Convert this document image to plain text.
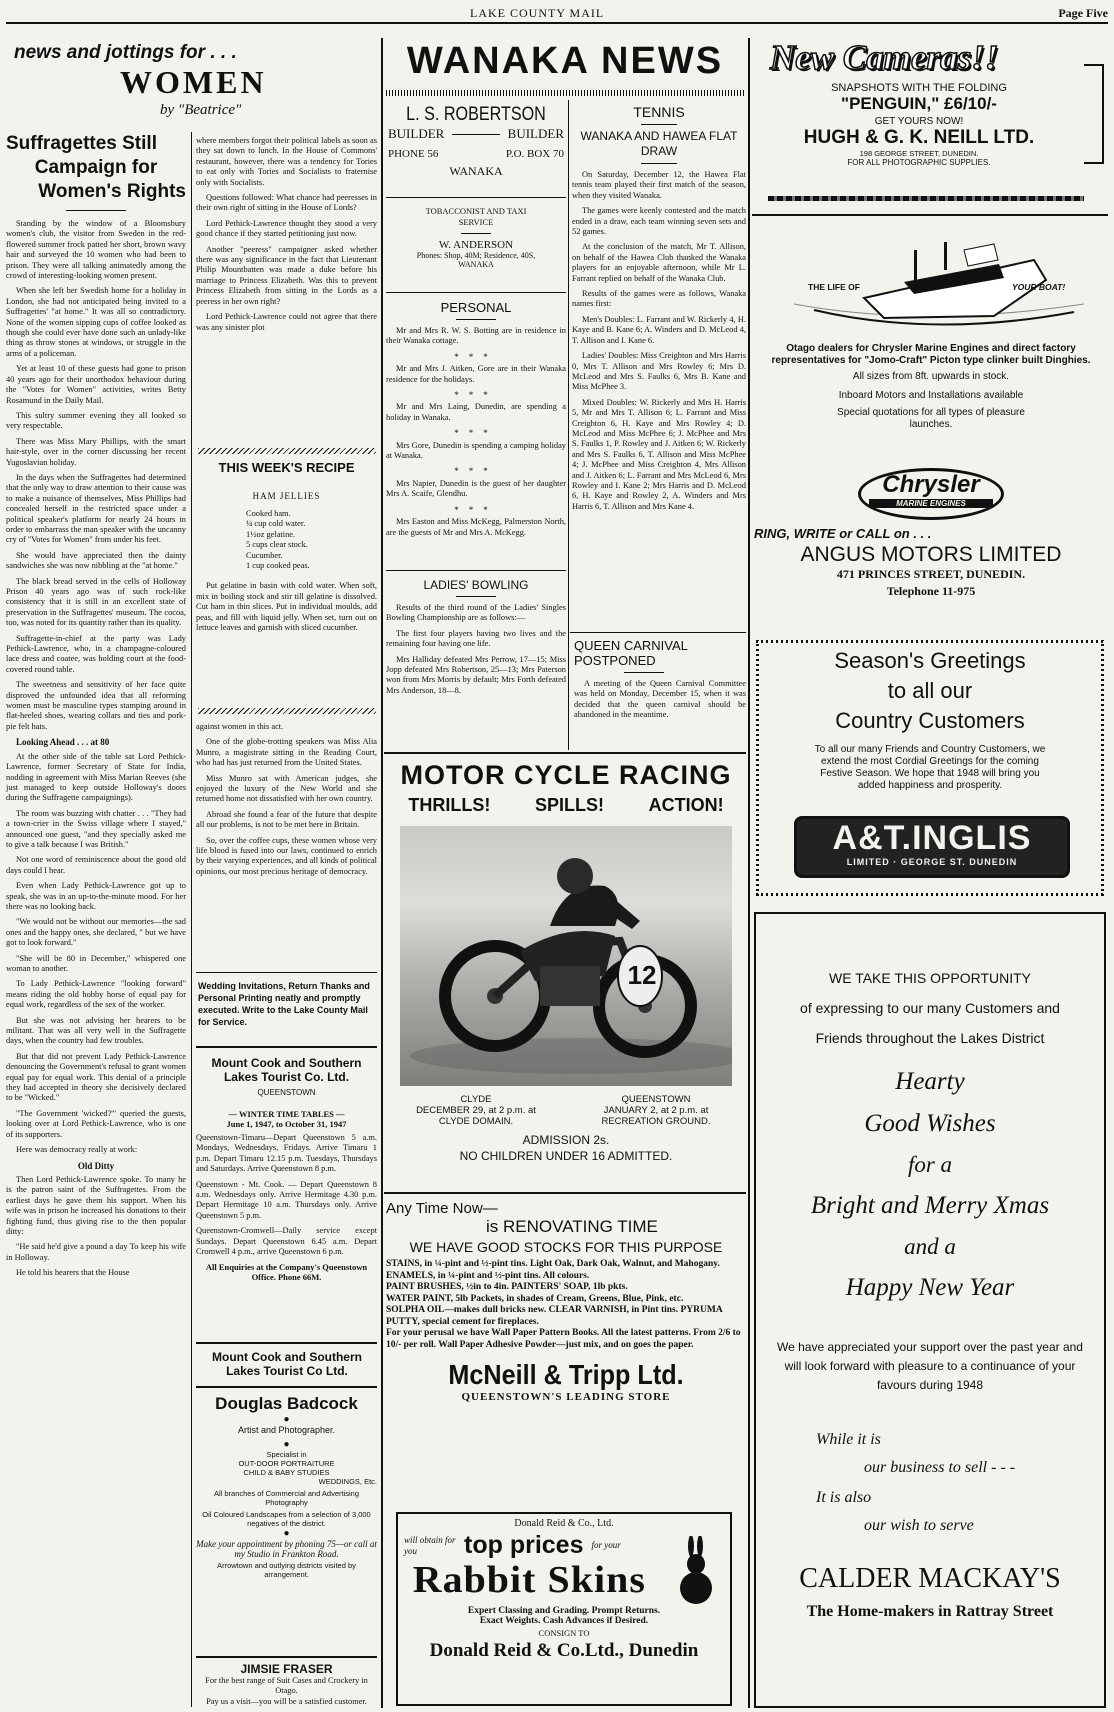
LAKE COUNTY MAIL	Page Five
news and jottings for . . .
WOMEN
by "Beatrice"
Suffragettes Still
Campaign for
Women's Rights

Standing by the window of a Bloomsbury women's club, the visitor from Sweden in the red-flowered summer frock patted her short, brown wavy hair and surveyed the 10 women who had been to prison. They were all talking animatedly among the crowd of interesting-looking women present.

When she left her Swedish home for a holiday in London, she had not anticipated being invited to a Suffragettes' "at home." It was all so contradictory. None of the women sipping cups of coffee looked as though she could ever have done such an unlady-like thing as throw stones at windows, or struggle in the arms of a policeman.

Yet at least 10 of these guests had gone to prison 40 years ago for their unorthodox behaviour during the "Votes for Women" activities, writes Betty Rosamund in the Daily Mail.

This sultry summer evening they all looked so very respectable.

There was Miss Mary Phillips, with the smart hair-style, over in the corner discussing her recent Yugoslavian holiday.

In the days when the Suffragettes had determined that the only way to draw attention to their cause was to make a nuisance of themselves, Miss Phillips had concealed herself in the restricted space under a political speaker's platform for nearly 24 hours in order to embarrass the man speaker with the uncanny cry of "Votes for Women" from under his feet.

She would have appreciated then the dainty sandwiches she was now nibbling at the "at home."

The black bread served in the cells of Holloway Prison 40 years ago was of such rock-like consistency that it is still in an excellent state of preservation in the Suffragettes' museum. The cocoa, too, was noted for its quantity rather than its quality.

Suffragette-in-chief at the party was Lady Pethick-Lawrence, who, in a champagne-coloured lace dress and coatee, was holding court at the food-covered round table.

The sweetness and sensitivity of her face quite disproved the unfounded idea that all reforming women must be masculine types stamping around in flat-heeled shoes, wearing collars and ties and pork-pie felt hats.

Looking Ahead . . . at 80

At the other side of the table sat Lord Pethick-Lawrence, former Secretary of State for India, nodding in agreement with Miss Marian Reeves (she just managed to keep outside Holloway's doors during the Suffragette campaignings).

The room was buzzing with chatter . . . "They had a town-crier in the Swiss village where I stayed," announced one guest, "and they specially asked me to give a talk because I was British."

Not one word of reminiscence about the good old days could I hear.

Even when Lady Pethick-Lawrence got up to speak, she was in an up-to-the-minute mood. For her there was no looking back.

"We would not be without our memories—the sad ones and the happy ones, she declared, " but we have got to look forward."

"She will be 80 in December," whispered one woman to another.

To Lady Pethick-Lawrence "looking forward" means riding the old hobby horse of equal pay for equal work, regardless of the sex of the worker.

But she was not advising her hearers to be militant. That was all very well in the Suffragette days, when the country had few troubles.

But that did not prevent Lady Pethick-Lawrence denouncing the Government's refusal to grant women equal pay for equal work. This denial of a principle they had accepted in theory she decisively declared to be "Wicked."

"The Government 'wicked?'" queried the guests, looking over at Lord Pethick-Lawrence, who is one of its supporters.

Here was democracy really at work:

Old Ditty

Then Lord Pethick-Lawrence spoke. To many he is the patron saint of the Suffragettes. From the earliest days he gave them his support. When his wife was in prison he increased his donations to their fighting fund, thus giving rise to the then popular ditty:

"He said he'd give a pound a day To keep his wife in Holloway.

He told his hearers that the House

where members forgot their political labels as soon as they sat down to lunch. In the House of Commons' restaurant, however, there was a tendency for Tories to eat only with Tories and Socialists to fraternise only with Socialists.

Questions followed: What chance had peeresses in their own right of sitting in the House of Lords?

Lord Pethick-Lawrence thought they stood a very good chance if they started petitioning just now.

Another "peeress" campaigner asked whether there was any significance in the fact that Lieutenant Philip Mountbatten was made a duke before his marriage to Princess Elizabeth. Was this to prevent Princess Elizabeth from sitting in the Lords as a peeress in her own right?

Lord Pethick-Lawrence could not agree that there was any sinister plot

THIS WEEK'S RECIPE
HAM JELLIES
Cooked ham.
¼ cup cold water.
1½oz gelatine.
5 cups clear stock.
Cucumber.
1 cup cooked peas.

Put gelatine in basin with cold water. When soft, mix in boiling stock and stir till gelatine is dissolved. Cut ham in thin slices. Put in individual moulds, add peas, and fill with liquid jelly. When set, turn out on lettuce leaves and garnish with sliced cucumber.

against women in this act.

One of the globe-trotting speakers was Miss Alia Munro, a magistrate sitting in the Reading Court, who had has just returned from the United States.

Miss Munro sat with American judges, she enjoyed the luxury of the New World and she returned home not dissatisfied with her own country.

Abroad she found a fear of the future that despite all our problems, is not to be met here in Britain.

So, over the coffee cups, these women whose very life blood is fused into our laws, continued to enrich by their varying experiences, and all kinds of political opinions, our most precious heritage of democracy.

Wedding Invitations, Return Thanks and Personal Printing neatly and promptly executed. Write to the Lake County Mail for Service.
Mount Cook and Southern Lakes Tourist Co. Ltd.
QUEENSTOWN
— WINTER TIME TABLES —
June 1, 1947, to October 31, 1947

Queenstown-Timaru—Depart Queenstown 5 a.m. Mondays, Wednesdays, Fridays. Arrive Timaru 1 p.m. Depart Timaru 12.15 p.m. Tuesdays, Thursdays and Saturdays. Arrive Queenstown 8 p.m.

Queenstown - Mt. Cook. — Depart Queenstown 8 a.m. Wednesdays only. Arrive Hermitage 4.30 p.m. Depart Hermitage 10 a.m. Thursdays only. Arrive Queenstown 5 p.m.

Queenstown-Cromwell—Daily service except Sundays. Depart Queenstown 6.45 a.m. Depart Cromwell 4 p.m., arrive Queenstown 6 p.m.

All Enquiries at the Company's Queenstown Office. Phone 66M.
Mount Cook and Southern Lakes Tourist Co Ltd.
Douglas Badcock
●
Artist and Photographer.
●
Specialist in
OUT-DOOR PORTRAITURE
CHILD & BABY STUDIES
WEDDINGS, Etc.
All branches of Commercial and Advertising Photography
Oil Coloured Landscapes from a selection of 3,000 negatives of the district.
●
Make your appointment by phoning 75—or call at my Studio in Frankton Road.
Arrowtown and outlying districts visited by arrangement.
JIMSIE FRASER
For the best range of Suit Cases and Crockery in Otago.
Pay us a visit—you will be a satisfied customer.
WANAKA NEWS
L. S. ROBERTSON
BUILDER	BUILDER
PHONE 56	P.O. BOX 70
WANAKA
TOBACCONIST AND TAXI SERVICE
W. ANDERSON
Phones: Shop, 40M; Residence, 40S,
WANAKA
PERSONAL

Mr and Mrs R. W. S. Botting are in residence in their Wanaka cottage.

***

Mr and Mrs J. Aitken, Gore are in their Wanaka residence for the holidays.

***

Mr and Mrs Laing, Dunedin, are spending a holiday in Wanaka.

***

Mrs Gore, Dunedin is spending a camping holiday at Wanaka.

***

Mrs Napier, Dunedin is the guest of her daughter Mrs A. Scaife, Glendhu.

***

Mrs Easton and Miss McKegg, Palmerston North, are the guests of Mr and Mrs A. McKegg.

LADIES' BOWLING

Results of the third round of the Ladies' Singles Bowling Championship are as follows:—

The first four players having two lives and the remaining four having one life.

Mrs Halliday defeated Mrs Perrow, 17—15; Miss Jopp defeated Mrs Robertson, 25—13; Mrs Paterson won from Mrs Morris by default; Mrs Forth defeated Mrs Anderson, 18—8.

TENNIS
WANAKA AND HAWEA FLAT DRAW

On Saturday, December 12, the Hawea Flat tennis team played their first match of the season, when they visited Wanaka.

The games were keenly contested and the match ended in a draw, each team winning seven sets and 52 games.

At the conclusion of the match, Mr T. Allison, on behalf of the Hawea Club thanked the Wanaka players for an enjoyable afternoon, while Mr L. Farrant replied on behalf of the Wanaka Club.

Results of the games were as follows, Wanaka names first:

Men's Doubles: L. Farrant and W. Rickerly 4, H. Kaye and B. Kane 6; A. Winders and D. McLeod 4, T. Allison and I. Kane 6.

Ladies' Doubles: Miss Creighton and Mrs Harris 0, Mrs T. Allison and Mrs Rowley 6; Mrs D. McLeod and Mrs S. Faulks 6, Mrs B. Kane and Miss McPhee 3.

Mixed Doubles: W. Rickerly and Mrs H. Harris 5, Mr and Mrs T. Allison 6; L. Farrant and Miss Creighton 6, H. Kaye and Mrs Rowley 4; D. McLeod and Miss McPhee 6; J. McPhee and Mrs S. Faulks 1, P. Rowley and J. Aitken 6; W. Rickerly and Mrs S. Faulks 6, T. Allison and Miss McPhee 4; J. McPhee and Miss Creighton 4, Mrs Allison and J. Aitken 6; L. Farrant and Mrs McLeod 6, Mrs Rowley and I. Kane 2; Mrs Harris and D. McLeod 6, H. Kaye and Rowley 2, A. Winders and Mrs Harris 6, T. Allison and Mrs Kane 4.

QUEEN CARNIVAL POSTPONED

A meeting of the Queen Carnival Committee was held on Monday, December 15, when it was decided that the queen carnival should be abandoned in the meantime.

MOTOR CYCLE RACING
THRILLS! SPILLS! ACTION!
12
CLYDE
DECEMBER 29, at 2 p.m. at
CLYDE DOMAIN.
QUEENSTOWN
JANUARY 2, at 2 p.m. at
RECREATION GROUND.
ADMISSION 2s.
NO CHILDREN UNDER 16 ADMITTED.
Any Time Now—
is RENOVATING TIME
WE HAVE GOOD STOCKS FOR THIS PURPOSE
STAINS, in ¼-pint and ½-pint tins. Light Oak, Dark Oak, Walnut, and Mahogany.
ENAMELS, in ¼-pint and ½-pint tins. All colours.
PAINT BRUSHES, ½in to 4in. PAINTERS' SOAP, 1lb pkts.
WATER PAINT, 5lb Packets, in shades of Cream, Greens, Blue, Pink, etc.
SOLPHA OIL—makes dull bricks new. CLEAR VARNISH, in Pint tins. PYRUMA PUTTY, special cement for fireplaces.
For your perusal we have Wall Paper Pattern Books. All the latest patterns. From 2/6 to 10/- per roll. Wall Paper Adhesive Powder—just mix, and on goes the paper.
McNeill & Tripp Ltd.
QUEENSTOWN'S LEADING STORE
Donald Reid & Co., Ltd.
will obtain for you	top prices for your
Rabbit Skins
Expert Classing and Grading. Prompt Returns.
Exact Weights. Cash Advances if Desired.
CONSIGN TO
Donald Reid & Co.Ltd., Dunedin
New Cameras!!
SNAPSHOTS WITH THE FOLDING
"PENGUIN," £6/10/-
GET YOURS NOW!
HUGH & G. K. NEILL LTD.
198 GEORGE STREET, DUNEDIN.
FOR ALL PHOTOGRAPHIC SUPPLIES.
THE LIFE OF	YOUR BOAT!
Otago dealers for Chrysler Marine Engines and direct factory representatives for "Jomo-Craft" Picton type clinker built Dinghies.
All sizes from 8ft. upwards in stock.
Inboard Motors and Installations available
Special quotations for all types of pleasure launches.
Chrysler
MARINE ENGINES
RING, WRITE or CALL on . . .
ANGUS MOTORS LIMITED
471 PRINCES STREET, DUNEDIN.
Telephone 11-975
Season's Greetings
to all our
Country Customers
To all our many Friends and Country Customers, we extend the most Cordial Greetings for the coming Festive Season. We hope that 1948 will bring you added happiness and prosperity.
A&T.INGLIS
LIMITED · GEORGE ST. DUNEDIN
WE TAKE THIS OPPORTUNITY
of expressing to our many Customers and
Friends throughout the Lakes District
Hearty
Good Wishes
for a
Bright and Merry Xmas
and a
Happy New Year
We have appreciated your support over the past year and will look forward with pleasure to a continuance of your favours during 1948
While it is
our business to sell - - -
It is also
our wish to serve
CALDER MACKAY'S
The Home-makers in Rattray Street
